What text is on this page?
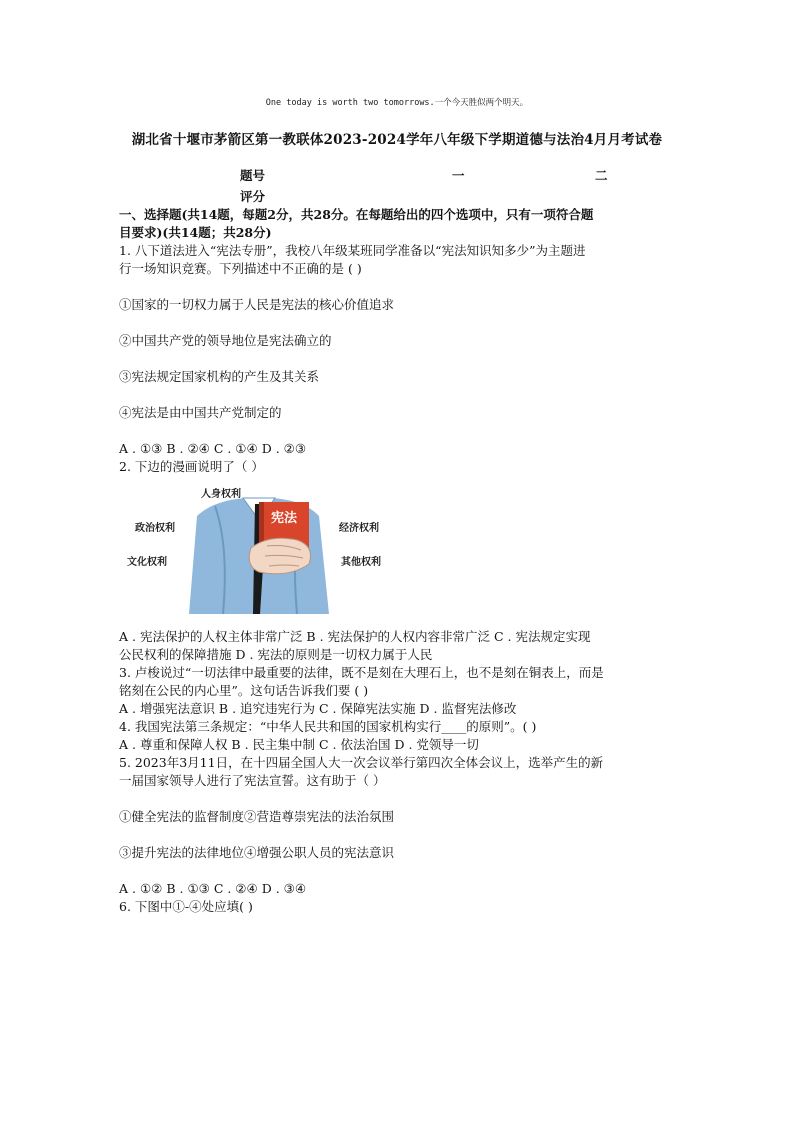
One today is worth two tomorrows.一个今天胜似两个明天。
湖北省十堰市茅箭区第一教联体2023-2024学年八年级下学期道德与法治4月月考试卷
题号	一	二
评分

一、选择题(共14题，每题2分，共28分。在每题给出的四个选项中，只有一项符合题

目要求)(共14题；共28分)

1. 八下道法进入“宪法专册”，我校八年级某班同学准备以“宪法知识知多少”为主题进

行一场知识竞赛。下列描述中不正确的是 ( )

①国家的一切权力属于人民是宪法的核心价值追求

②中国共产党的领导地位是宪法确立的

③宪法规定国家机构的产生及其关系

④宪法是由中国共产党制定的

A . ①③ B . ②④ C . ①④ D . ②③

2. 下边的漫画说明了（ ）

宪法
人身权利
政治权利
文化权利
经济权利
其他权利

A . 宪法保护的人权主体非常广泛 B . 宪法保护的人权内容非常广泛 C . 宪法规定实现

公民权利的保障措施 D . 宪法的原则是一切权力属于人民

3. 卢梭说过“一切法律中最重要的法律，既不是刻在大理石上，也不是刻在铜表上，而是

铭刻在公民的内心里”。这句话告诉我们要 ( )

A . 增强宪法意识 B . 追究违宪行为 C . 保障宪法实施 D . 监督宪法修改

4. 我国宪法第三条规定：“中华人民共和国的国家机构实行____的原则”。( )

A . 尊重和保障人权 B . 民主集中制 C . 依法治国 D . 党领导一切

5. 2023年3月11日，在十四届全国人大一次会议举行第四次全体会议上，选举产生的新

一届国家领导人进行了宪法宣誓。这有助于（ ）

①健全宪法的监督制度②营造尊崇宪法的法治氛围

③提升宪法的法律地位④增强公职人员的宪法意识

A . ①② B . ①③ C . ②④ D . ③④

6. 下图中①-④处应填( )
